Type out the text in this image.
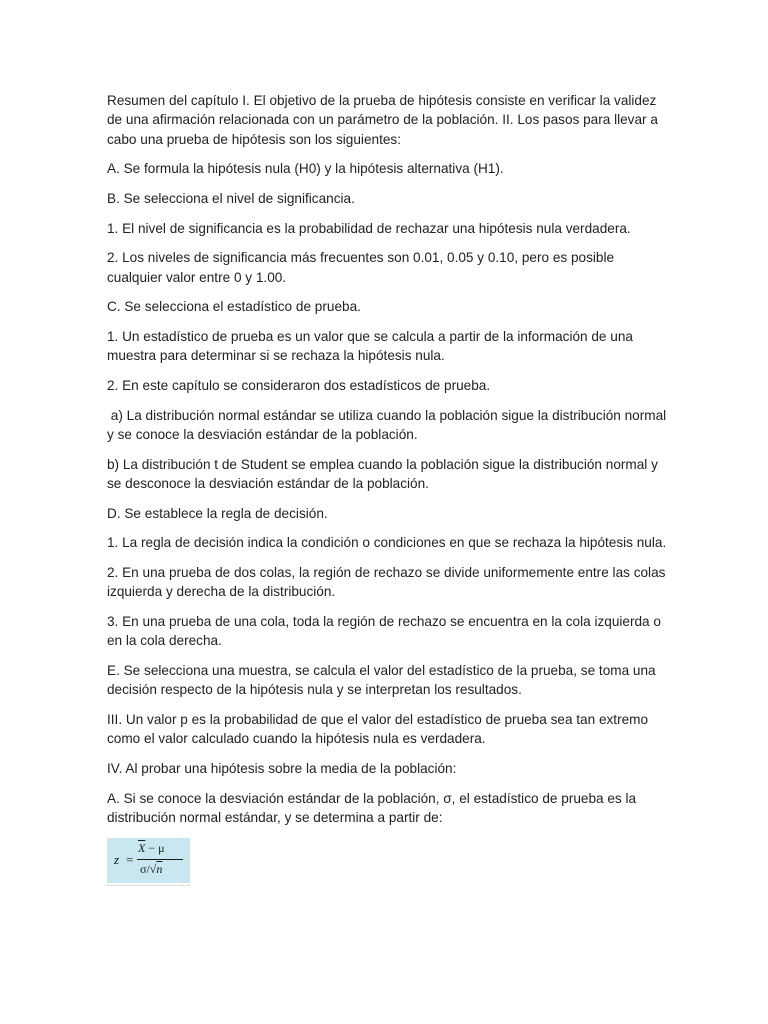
Resumen del capítulo I. El objetivo de la prueba de hipótesis consiste en verificar la validez de una afirmación relacionada con un parámetro de la población. II. Los pasos para llevar a cabo una prueba de hipótesis son los siguientes:

A. Se formula la hipótesis nula (H0) y la hipótesis alternativa (H1).

B. Se selecciona el nivel de significancia.

1. El nivel de significancia es la probabilidad de rechazar una hipótesis nula verdadera.

2. Los niveles de significancia más frecuentes son 0.01, 0.05 y 0.10, pero es posible cualquier valor entre 0 y 1.00.

C. Se selecciona el estadístico de prueba.

1. Un estadístico de prueba es un valor que se calcula a partir de la información de una muestra para determinar si se rechaza la hipótesis nula.

2. En este capítulo se consideraron dos estadísticos de prueba.

a) La distribución normal estándar se utiliza cuando la población sigue la distribución normal y se conoce la desviación estándar de la población.

b) La distribución t de Student se emplea cuando la población sigue la distribución normal y se desconoce la desviación estándar de la población.

D. Se establece la regla de decisión.

1. La regla de decisión indica la condición o condiciones en que se rechaza la hipótesis nula.

2. En una prueba de dos colas, la región de rechazo se divide uniformemente entre las colas izquierda y derecha de la distribución.

3. En una prueba de una cola, toda la región de rechazo se encuentra en la cola izquierda o en la cola derecha.

E. Se selecciona una muestra, se calcula el valor del estadístico de la prueba, se toma una decisión respecto de la hipótesis nula y se interpretan los resultados.

III. Un valor p es la probabilidad de que el valor del estadístico de prueba sea tan extremo como el valor calculado cuando la hipótesis nula es verdadera.

IV. Al probar una hipótesis sobre la media de la población:

A. Si se conoce la desviación estándar de la población, σ, el estadístico de prueba es la distribución normal estándar, y se determina a partir de:

z =
$\overline{X} - \mu$
σ/√n
